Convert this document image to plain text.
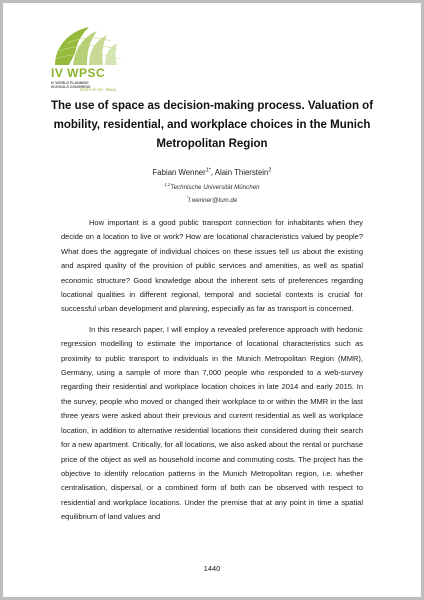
IV WPSC
IV WORLD PLANNING
SCHOOLS CONGRESS
SOUTH OF RIO · BRAZIL
The use of space as decision-making process. Valuation of mobility, residential, and workplace choices in the Munich Metropolitan Region
Fabian Wenner$^{1*}$, Alain Thierstein$^2$
$^{1,2}$Technische Universität München
*f.wenner@tum.de

How important is a good public transport connection for inhabitants when they decide on a location to live or work? How are locational characteristics valued by people? What does the aggregate of individual choices on these issues tell us about the existing and aspired quality of the provision of public services and amenities, as well as spatial economic structure? Good knowledge about the inherent sets of preferences regarding locational qualities in different regional, temporal and societal contexts is crucial for successful urban development and planning, especially as far as transport is concerned.

In this research paper, I will employ a revealed preference approach with hedonic regression modelling to estimate the importance of locational characteristics such as proximity to public transport to individuals in the Munich Metropolitan Region (MMR), Germany, using a sample of more than 7,000 people who responded to a web-survey regarding their residential and workplace location choices in late 2014 and early 2015. In the survey, people who moved or changed their workplace to or within the MMR in the last three years were asked about their previous and current residential as well as workplace location, in addition to alternative residential locations their considered during their search for a new apartment. Critically, for all locations, we also asked about the rental or purchase price of the object as well as household income and commuting costs. The project has the objective to identify relocation patterns in the Munich Metropolitan region, i.e. whether centralisation, dispersal, or a combined form of both can be observed with respect to residential and workplace locations. Under the premise that at any point in time a spatial equilibrium of land values and

1440
